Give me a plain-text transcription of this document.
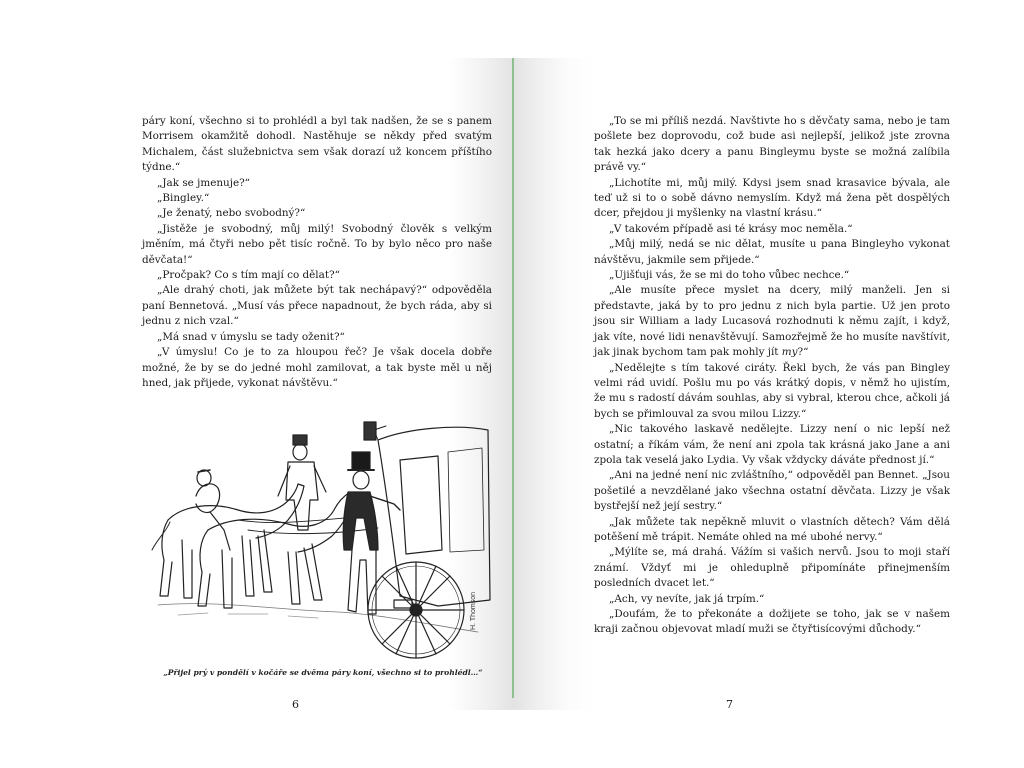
páry koní, všechno si to prohlédl a byl tak nadšen, že se s panem Morrisem okamžitě dohodl. Nastěhuje se někdy před svatým Michalem, část služebnictva sem však dorazí už koncem příštího týdne.“

„Jak se jmenuje?“

„Bingley.“

„Je ženatý, nebo svobodný?“

„Jistěže je svobodný, můj milý! Svobodný člověk s velkým jměním, má čtyři nebo pět tisíc ročně. To by bylo něco pro naše děvčata!“

„Pročpak? Co s tím mají co dělat?“

„Ale drahý choti, jak můžete být tak nechápavý?“ odpověděla paní Bennetová. „Musí vás přece napadnout, že bych ráda, aby si jednu z nich vzal.“

„Má snad v úmyslu se tady oženit?“

„V úmyslu! Co je to za hloupou řeč? Je však docela dobře možné, že by se do jedné mohl zamilovat, a tak byste měl u něj hned, jak přijede, vykonat návštěvu.“

H. Thomson
„Přijel prý v pondělí v kočáře se dvěma páry koní, všechno si to prohlédl…“
6

„To se mi příliš nezdá. Navštivte ho s děvčaty sama, nebo je tam pošlete bez doprovodu, což bude asi nejlepší, jelikož jste zrovna tak hezká jako dcery a panu Bingleymu byste se možná zalíbila právě vy.“

„Lichotíte mi, můj milý. Kdysi jsem snad krasavice bývala, ale teď už si to o sobě dávno nemyslím. Když má žena pět dospělých dcer, přejdou ji myšlenky na vlastní krásu.“

„V takovém případě asi té krásy moc neměla.“

„Můj milý, nedá se nic dělat, musíte u pana Bingleyho vykonat návštěvu, jakmile sem přijede.“

„Ujišťuji vás, že se mi do toho vůbec nechce.“

„Ale musíte přece myslet na dcery, milý manželi. Jen si představte, jaká by to pro jednu z nich byla partie. Už jen proto jsou sir William a lady Lucasová rozhodnuti k němu zajít, i když, jak víte, nové lidi nenavštěvují. Samozřejmě že ho musíte navštívit, jak jinak bychom tam pak mohly jít my?“

„Nedělejte s tím takové ciráty. Řekl bych, že vás pan Bingley velmi rád uvidí. Pošlu mu po vás krátký dopis, v němž ho ujistím, že mu s radostí dávám souhlas, aby si vybral, kterou chce, ačkoli já bych se přimlouval za svou milou Lizzy.“

„Nic takového laskavě nedělejte. Lizzy není o nic lepší než ostatní; a říkám vám, že není ani zpola tak krásná jako Jane a ani zpola tak veselá jako Lydia. Vy však vždycky dáváte přednost jí.“

„Ani na jedné není nic zvláštního,“ odpověděl pan Bennet. „Jsou pošetilé a nevzdělané jako všechna ostatní děvčata. Lizzy je však bystřejší než její sestry.“

„Jak můžete tak nepěkně mluvit o vlastních dětech? Vám dělá potěšení mě trápit. Nemáte ohled na mé ubohé nervy.“

„Mýlíte se, má drahá. Vážím si vašich nervů. Jsou to moji staří známí. Vždyť mi je ohleduplně připomínáte přinejmenším posledních dvacet let.“

„Ach, vy nevíte, jak já trpím.“

„Doufám, že to překonáte a dožijete se toho, jak se v našem kraji začnou objevovat mladí muži se čtyřtisícovými důchody.“

7
